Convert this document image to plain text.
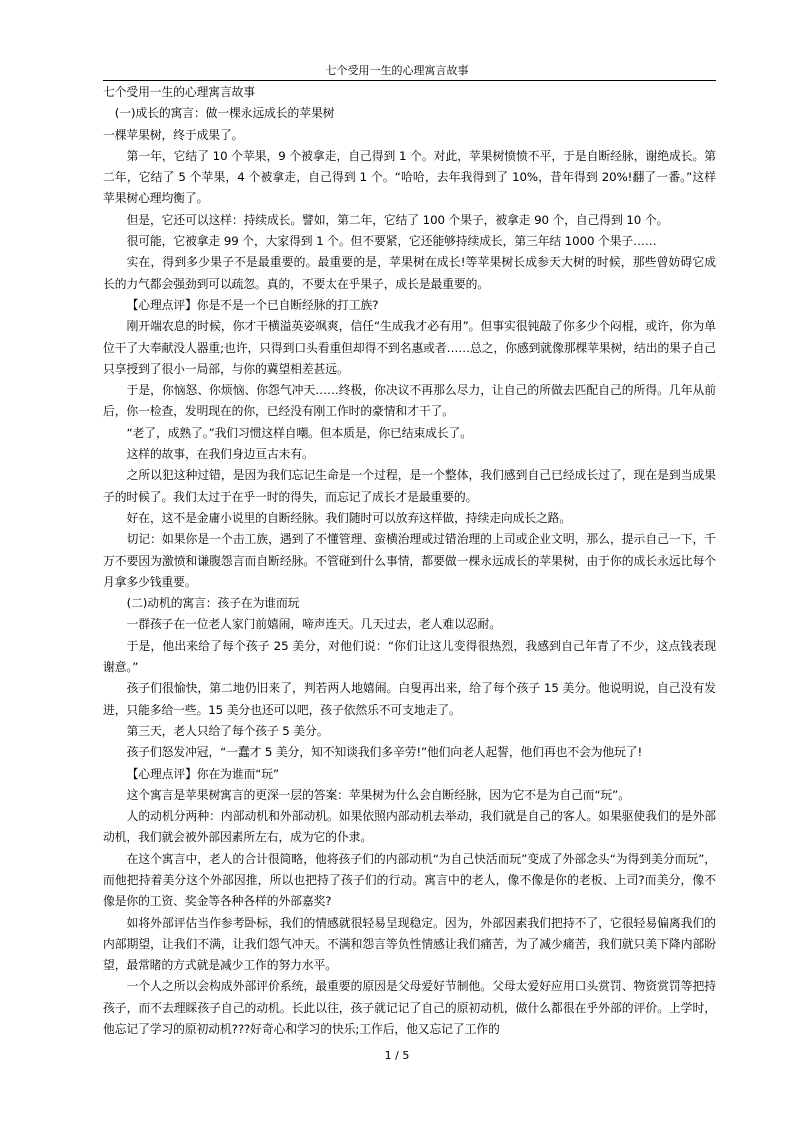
七个受用一生的心理寓言故事

七个受用一生的心理寓言故事

(一)成长的寓言：做一棵永远成长的苹果树

一棵苹果树，终于成果了。

第一年，它结了 10 个苹果，9 个被拿走，自己得到 1 个。对此，苹果树愤愤不平，于是自断经脉，谢绝成长。第二年，它结了 5 个苹果，4 个被拿走，自己得到 1 个。“哈哈，去年我得到了 10%，昔年得到 20%!翻了一番。”这样苹果树心理均衡了。

但是，它还可以这样：持续成长。譬如，第二年，它结了 100 个果子，被拿走 90 个，自己得到 10 个。

很可能，它被拿走 99 个，大家得到 1 个。但不要紧，它还能够持续成长，第三年结 1000 个果子……

实在，得到多少果子不是最重要的。最重要的是，苹果树在成长!等苹果树长成参天大树的时候，那些曾妨碍它成长的力气都会强劲到可以疏忽。真的，不要太在乎果子，成长是最重要的。

【心理点评】你是不是一个已自断经脉的打工族?

刚开端农息的时候，你才干横溢英姿飒爽，信任“生成我才必有用”。但事实很钝敲了你多少个闷棍，或许，你为单位干了大奉献没人器重;也许，只得到口头看重但却得不到名惠或者……总之，你感到就像那棵苹果树，结出的果子自己只享授到了很小一局部，与你的冀望相差甚远。

于是，你恼怒、你烦恼、你怨气冲天……终极，你决议不再那么尽力，让自己的所做去匹配自己的所得。几年从前后，你一检查，发明现在的你，已经没有刚工作时的豪情和才干了。

“老了，成熟了。”我们习惯这样自嘲。但本质是，你已结束成长了。

这样的故事，在我们身边亘古未有。

之所以犯这种过错，是因为我们忘记生命是一个过程，是一个整体，我们感到自己已经成长过了，现在是到当成果子的时候了。我们太过于在乎一时的得失，而忘记了成长才是最重要的。

好在，这不是金庸小说里的自断经脉。我们随时可以放弃这样做，持续走向成长之路。

切记：如果你是一个击工族，遇到了不懂管理、蛮横治理或过错治理的上司或企业文明，那么，提示自己一下，千万不要因为激愤和谦腹怨言而自断经脉。不管碰到什么事情，都要做一棵永远成长的苹果树，由于你的成长永远比每个月拿多少钱重要。

(二)动机的寓言：孩子在为谁而玩

一群孩子在一位老人家门前嬉闹，啼声连天。几天过去，老人难以忍耐。

于是，他出来给了每个孩子 25 美分，对他们说：“你们让这儿变得很热烈，我感到自己年青了不少，这点钱表现谢意。”

孩子们很愉快，第二地仍旧来了，判若两人地嬉闹。白叟再出来，给了每个孩子 15 美分。他说明说，自己没有发进，只能多给一些。15 美分也还可以吧，孩子依然乐不可支地走了。

第三天，老人只给了每个孩子 5 美分。

孩子们怒发冲冠，“一蠢才 5 美分，知不知谈我们多辛劳!”他们向老人起誓，他们再也不会为他玩了!

【心理点评】你在为谁而“玩”

这个寓言是苹果树寓言的更深一层的答案：苹果树为什么会自断经脉，因为它不是为自己而“玩”。

人的动机分两种：内部动机和外部动机。如果依照内部动机去举动，我们就是自己的客人。如果驱使我们的是外部动机，我们就会被外部因素所左右，成为它的仆隶。

在这个寓言中，老人的合计很简略，他将孩子们的内部动机“为自己快活而玩”变成了外部念头“为得到美分而玩”，而他把持着美分这个外部因推，所以也把持了孩子们的行动。寓言中的老人，像不像是你的老板、上司?而美分，像不像是你的工资、奖金等各种各样的外部嘉奖?

如将外部评估当作参考卧标，我们的情感就很轻易呈现稳定。因为，外部因素我们把持不了，它很轻易偏离我们的内部期望，让我们不满，让我们怨气冲天。不满和怨言等负性情感让我们痛苦，为了减少痛苦，我们就只美下降内部盼望，最常睹的方式就是减少工作的努力水平。

一个人之所以会构成外部评价系统，最重要的原因是父母爱好节制他。父母太爱好应用口头赏罚、物资赏罚等把持孩子，而不去理睬孩子自己的动机。长此以往，孩子就记记了自己的原初动机，做什么都很在乎外部的评价。上学时，他忘记了学习的原初动机???好奇心和学习的快乐;工作后，他又忘记了工作的

1 / 5
